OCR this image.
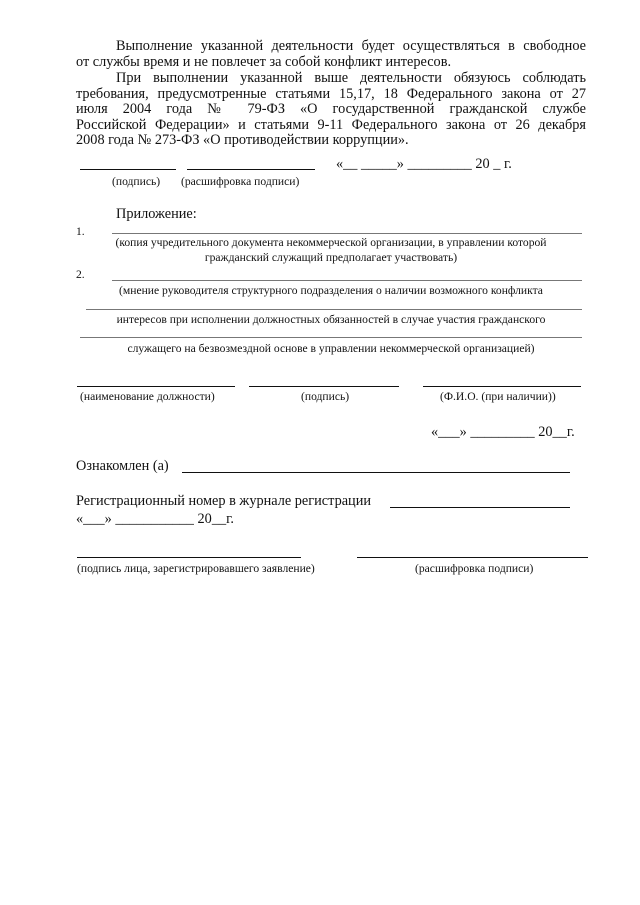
Выполнение указанной деятельности будет осуществляться в свободное
от службы время и не повлечет за собой конфликт интересов.
При выполнении указанной выше деятельности обязуюсь соблюдать
требования, предусмотренные статьями 15,17, 18 Федерального закона от 27
июля 2004 года № 79-ФЗ «О государственной гражданской службе
Российской Федерации» и статьями 9-11 Федерального закона от 26 декабря
2008 года № 273-ФЗ «О противодействии коррупции».
«__ _____» _________ 20 _ г.
(подпись) (расшифровка подписи)
Приложение:
1.
(копия учредительного документа некоммерческой организации, в управлении которой
гражданский служащий предполагает участвовать)
2.
(мнение руководителя структурного подразделения о наличии возможного конфликта
интересов при исполнении должностных обязанностей в случае участия гражданского
служащего на безвозмездной основе в управлении некоммерческой организацией)
(наименование должности)	(подпись)	(Ф.И.О. (при наличии))
«___» _________ 20__г.
Ознакомлен (а)
Регистрационный номер в журнале регистрации
«___» ___________ 20__г.
(подпись лица, зарегистрировавшего заявление)	(расшифровка подписи)
